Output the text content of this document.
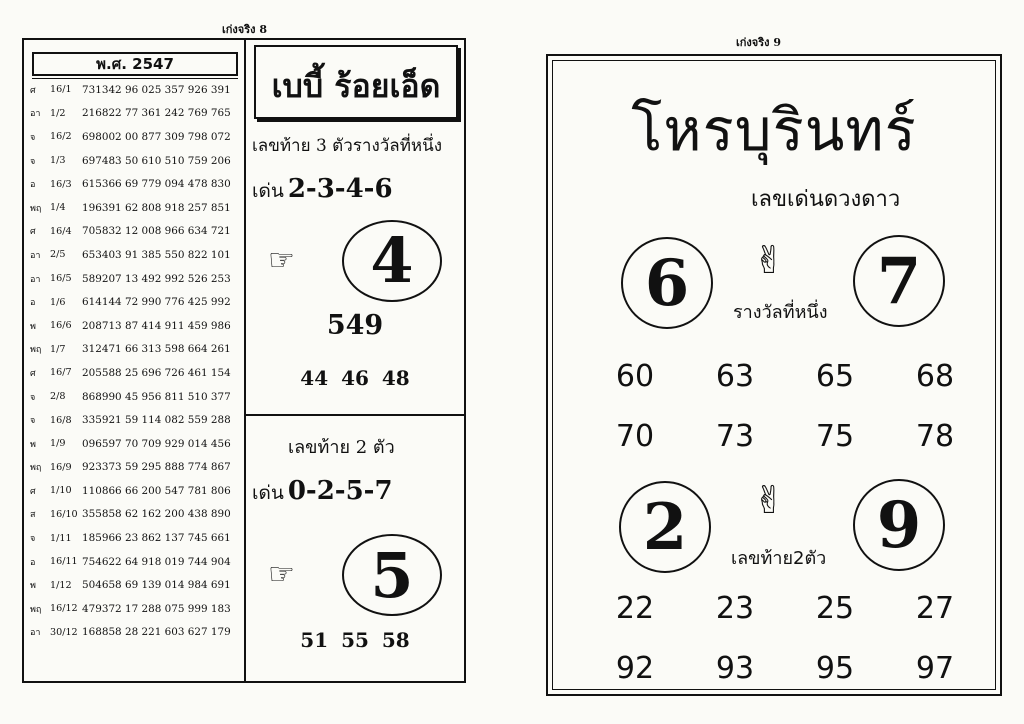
เก่งจริง 8
พ.ศ. 2547
ศ	16/1	731342 96 025 357 926 391
อา 1/2	216822 77 361 242 769 765
จ	16/2	698002 00 877 309 798 072
จ	1/3	697483 50 610 510 759 206
อ	16/3	615366 69 779 094 478 830
พฤ 1/4	196391 62 808 918 257 851
ศ	16/4	705832 12 008 966 634 721
อา 2/5	653403 91 385 550 822 101
อา 16/5	589207 13 492 992 526 253
อ	1/6	614144 72 990 776 425 992
พ	16/6	208713 87 414 911 459 986
พฤ 1/7	312471 66 313 598 664 261
ศ	16/7	205588 25 696 726 461 154
จ	2/8	868990 45 956 811 510 377
จ	16/8	335921 59 114 082 559 288
พ	1/9	096597 70 709 929 014 456
พฤ 16/9	923373 59 295 888 774 867
ศ	1/10	110866 66 200 547 781 806
ส	16/10 355858 62 162 200 438 890
จ	1/11	185966 23 862 137 745 661
อ	16/11 754622 64 918 019 744 904
พ	1/12	504658 69 139 014 984 691
พฤ 16/12 479372 17 288 075 999 183
อา 30/12 168858 28 221 603 627 179
เบบี้ ร้อยเอ็ด
เลขท้าย 3 ตัวรางวัลที่หนึ่ง
เด่น 2-3-4-6
☞	4
549
44 46 48
เลขท้าย 2 ตัว
เด่น 0-2-5-7
☞	5
51 55 58
เก่งจริง 9
โหรบุรินทร์
เลขเด่นดวงดาว
6	✌	7
รางวัลที่หนึ่ง
60	63	65	68
70	73	75	78
2	✌	9
เลขท้าย2ตัว
22	23	25	27
92	93	95	97
